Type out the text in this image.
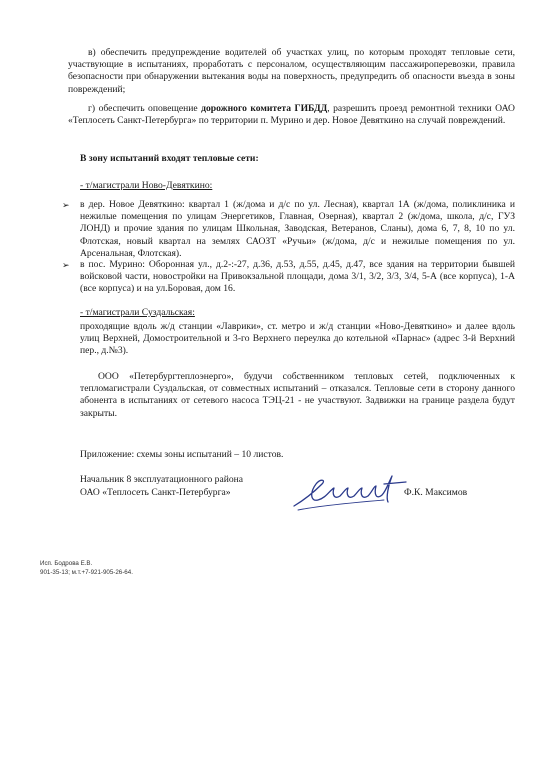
в) обеспечить предупреждение водителей об участках улиц, по которым проходят тепловые сети, участвующие в испытаниях, проработать с персоналом, осуществляющим пассажироперевозки, правила безопасности при обнаружении вытекания воды на поверхность, предупредить об опасности въезда в зоны повреждений;
г) обеспечить оповещение дорожного комитета ГИБДД, разрешить проезд ремонтной техники ОАО «Теплосеть Санкт-Петербурга» по территории п. Мурино и дер. Новое Девяткино на случай повреждений.
В зону испытаний входят тепловые сети:
- т/магистрали Ново-Девяткино:
➢ в дер. Новое Девяткино: квартал 1 (ж/дома и д/с по ул. Лесная), квартал 1А (ж/дома, поликлиника и нежилые помещения по улицам Энергетиков, Главная, Озерная), квартал 2 (ж/дома, школа, д/с, ГУЗ ЛОНД) и прочие здания по улицам Школьная, Заводская, Ветеранов, Сланы), дома 6, 7, 8, 10 по ул. Флотская, новый квартал на землях САОЗТ «Ручьи» (ж/дома, д/с и нежилые помещения по ул. Арсенальная, Флотская).
➢ в пос. Мурино: Оборонная ул., д.2-:-27, д.36, д.53, д.55, д.45, д.47, все здания на территории бывшей войсковой части, новостройки на Привокзальной площади, дома 3/1, 3/2, 3/3, 3/4, 5-А (все корпуса), 1-А (все корпуса) и на ул.Боровая, дом 16.
- т/магистрали Суздальская:
проходящие вдоль ж/д станции «Лаврики», ст. метро и ж/д станции «Ново-Девяткино» и далее вдоль улиц Верхней, Домостроительной и 3-го Верхнего переулка до котельной «Парнас» (адрес 3-й Верхний пер., д.№3).
ООО «Петербургтеплоэнерго», будучи собственником тепловых сетей, подключенных к тепломагистрали Суздальская, от совместных испытаний – отказался. Тепловые сети в сторону данного абонента в испытаниях от сетевого насоса ТЭЦ-21 - не участвуют. Задвижки на границе раздела будут закрыты.
Приложение: схемы зоны испытаний – 10 листов.
Начальник 8 эксплуатационного района
ОАО «Теплосеть Санкт-Петербурга»	Ф.К. Максимов
Исп. Бодрова Е.В.
901-35-13; м.т.+7-921-905-26-64.
